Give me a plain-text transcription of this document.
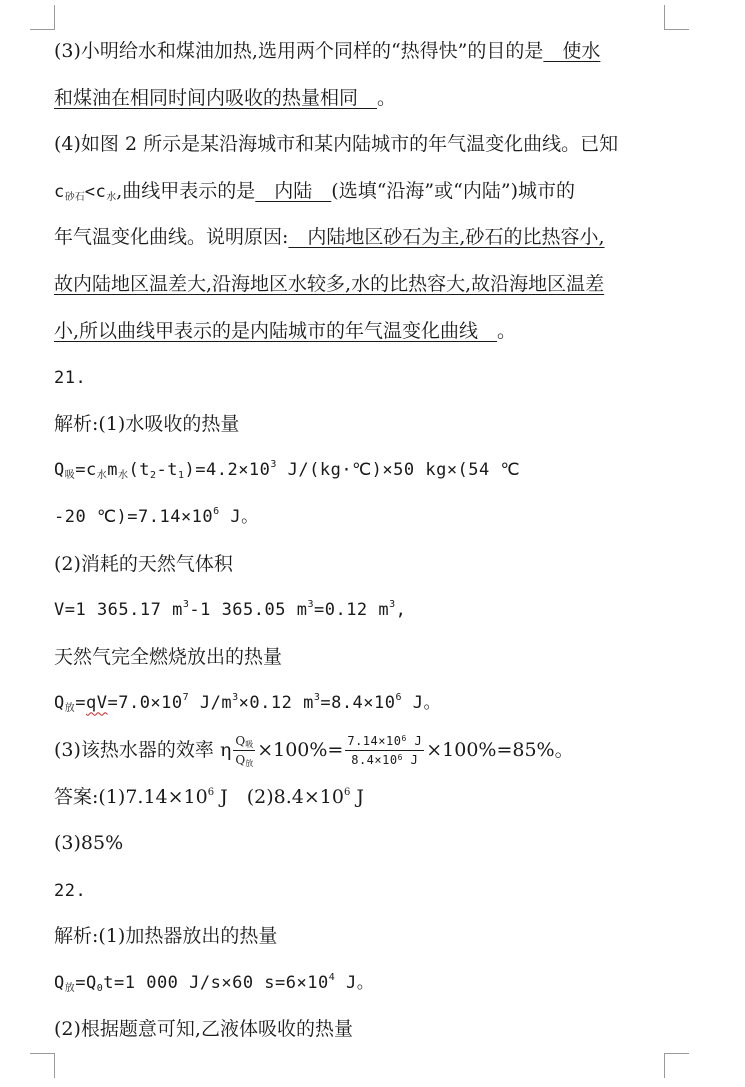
(3)小明给水和煤油加热,选用两个同样的“热得快”的目的是　使水
和煤油在相同时间内吸收的热量相同　。
(4)如图 2 所示是某沿海城市和某内陆城市的年气温变化曲线。已知
$c_{砂石}<c_水$,曲线甲表示的是　内陆　(选填“沿海”或“内陆”)城市的
年气温变化曲线。说明原因:　内陆地区砂石为主,砂石的比热容小,
故内陆地区温差大,沿海地区水较多,水的比热容大,故沿海地区温差
小,所以曲线甲表示的是内陆城市的年气温变化曲线　。
21.
解析:(1)水吸收的热量
$Q_吸=c_水m_水(t_2-t_1)=4.2\times 10^3$ J/(kg·℃)×50 kg×(54 ℃
-20 $℃)=7.14\times 10^6$ J。
(2)消耗的天然气体积
V=1 365.17 $m^3-1$ 365.05 $m^3=0.12$ $m^3$,
天然气完全燃烧放出的热量
$Q_放=qV=7.0\times 10^7$ $J/m^3\times 0.12$ $m^3=8.4\times 10^6$ J。
(3)该热水器的效率 η $\frac{Q_吸}{Q_放} \times 100\%= \frac{7.14\times 10^6 J}{8.4\times 10^6 J} \times 100\%=85\%$。
答案$:(1)7.14\times 10^6$ J　$(2)8.4\times 10^6$ J
(3)85%
22.
解析:(1)加热器放出的热量
$Q_放=Q_0t=1$ 000 J/s×60 $s=6\times 10^4$ J。
(2)根据题意可知,乙液体吸收的热量
